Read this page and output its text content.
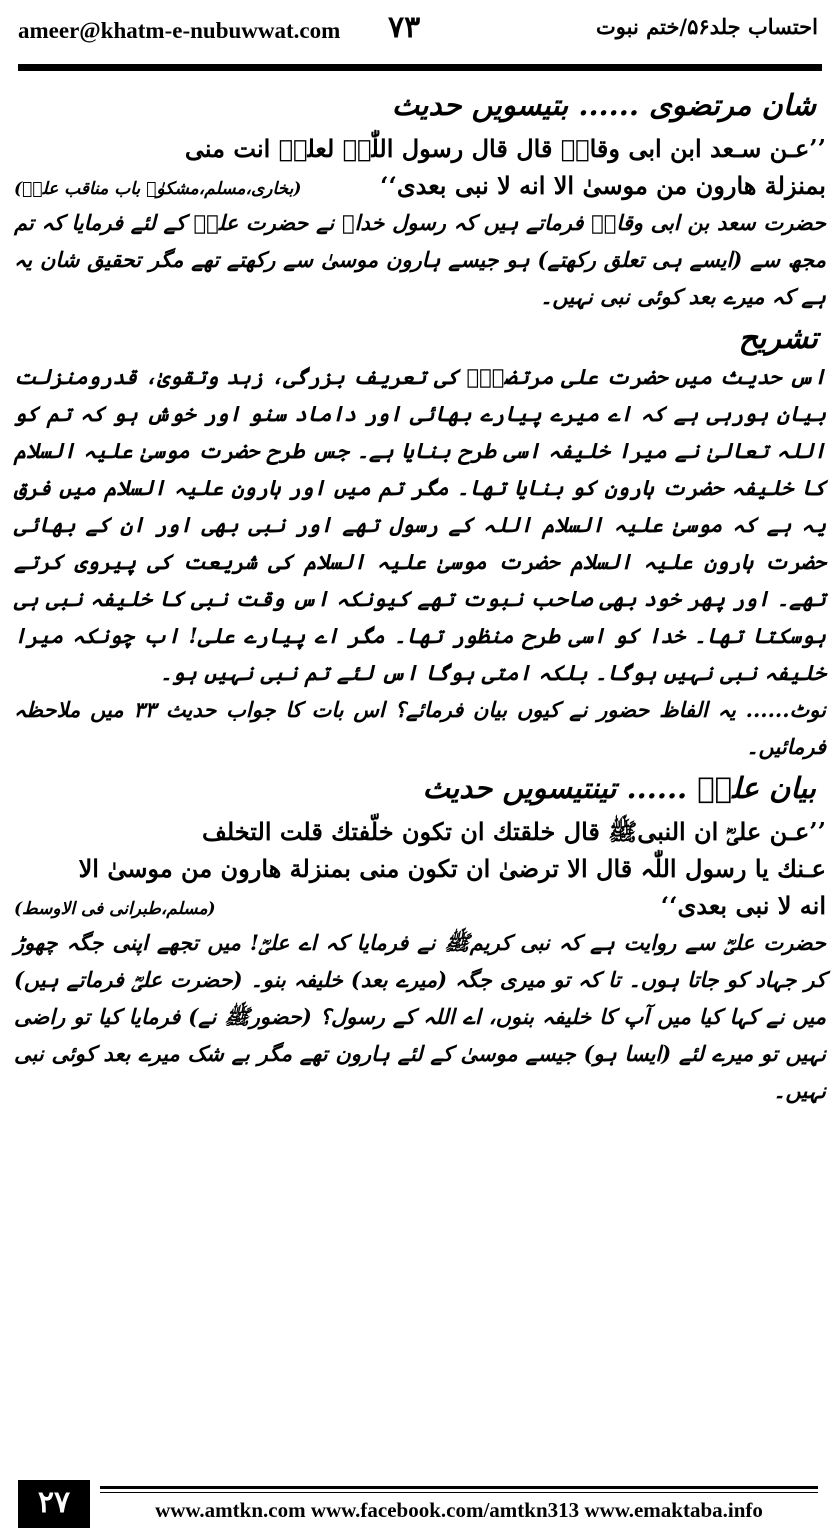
ameer@khatm-e-nubuwwat.com ۷۳	احتساب جلد۵۶/ختم نبوت
شان مرتضوی ...... بتیسویں حدیث
’’عـن سـعد ابن ابی وقاصؓ قال قال رسول اللّٰہﷺ لعلیؓ انت منی
بمنزلة هارون من موسیٰ الا انه لا نبی بعدی‘‘
(بخاری،مسلم،مشکوٰۃ باب مناقب علیؓ)
حضرت سعد بن ابی وقاصؓ فرماتے ہیں کہ رسول خداﷺ نے حضرت علیؓ کے لئے فرمایا کہ تم مجھ سے (ایسے ہی تعلق رکھتے) ہو جیسے ہارون موسیٰ سے رکھتے تھے مگر تحقیق شان یہ ہے کہ میرے بعد کوئی نبی نہیں۔
تشریح
اس حدیث میں حضرت علی مرتضیٰؓ کی تعریف بزرگی، زہد وتقویٰ، قدرومنزلت بیان ہورہی ہے کہ اے میرے پیارے بھائی اور داماد سنو اور خوش ہو کہ تم کو اللہ تعالیٰ نے میرا خلیفہ اسی طرح بنایا ہے۔ جس طرح حضرت موسیٰ علیہ السلام کا خلیفہ حضرت ہارون کو بنایا تھا۔ مگر تم میں اور ہارون علیہ السلام میں فرق یہ ہے کہ موسیٰ علیہ السلام اللہ کے رسول تھے اور نبی بھی اور ان کے بھائی حضرت ہارون علیہ السلام حضرت موسیٰ علیہ السلام کی شریعت کی پیروی کرتے تھے۔ اور پھر خود بھی صاحب نبوت تھے کیونکہ اس وقت نبی کا خلیفہ نبی ہی ہوسکتا تھا۔ خدا کو اسی طرح منظور تھا۔ مگر اے پیارے علی! اب چونکہ میرا خلیفہ نبی نہیں ہوگا۔ بلکہ امتی ہوگا اس لئے تم نبی نہیں ہو۔
نوٹ...... یہ الفاظ حضور نے کیوں بیان فرمائے؟ اس بات کا جواب حدیث ۳۳ میں ملاحظہ فرمائیں۔
بیان علیؓ ...... تینتیسویں حدیث
’’عـن علیؓ ان النبیﷺ قال خلقتك ان تكون خلّفتك قلت التخلف
عـنك یا رسول اللّٰہ قال الا ترضیٰ ان تكون منی بمنزلة هارون من موسیٰ الا
انه لا نبی بعدی‘‘
(مسلم،طبرانی فی الاوسط)
حضرت علیؓ سے روایت ہے کہ نبی کریمﷺ نے فرمایا کہ اے علیؓ! میں تجھے اپنی جگہ چھوڑ کر جہاد کو جاتا ہوں۔ تا کہ تو میری جگہ (میرے بعد) خلیفہ بنو۔ (حضرت علیؓ فرماتے ہیں) میں نے کہا کیا میں آپ کا خلیفہ بنوں، اے اللہ کے رسول؟ (حضورﷺ نے) فرمایا کیا تو راضی نہیں تو میرے لئے (ایسا ہو) جیسے موسیٰ کے لئے ہارون تھے مگر بے شک میرے بعد کوئی نبی نہیں۔
۲۷	www.amtkn.com www.facebook.com/amtkn313 www.emaktaba.info
